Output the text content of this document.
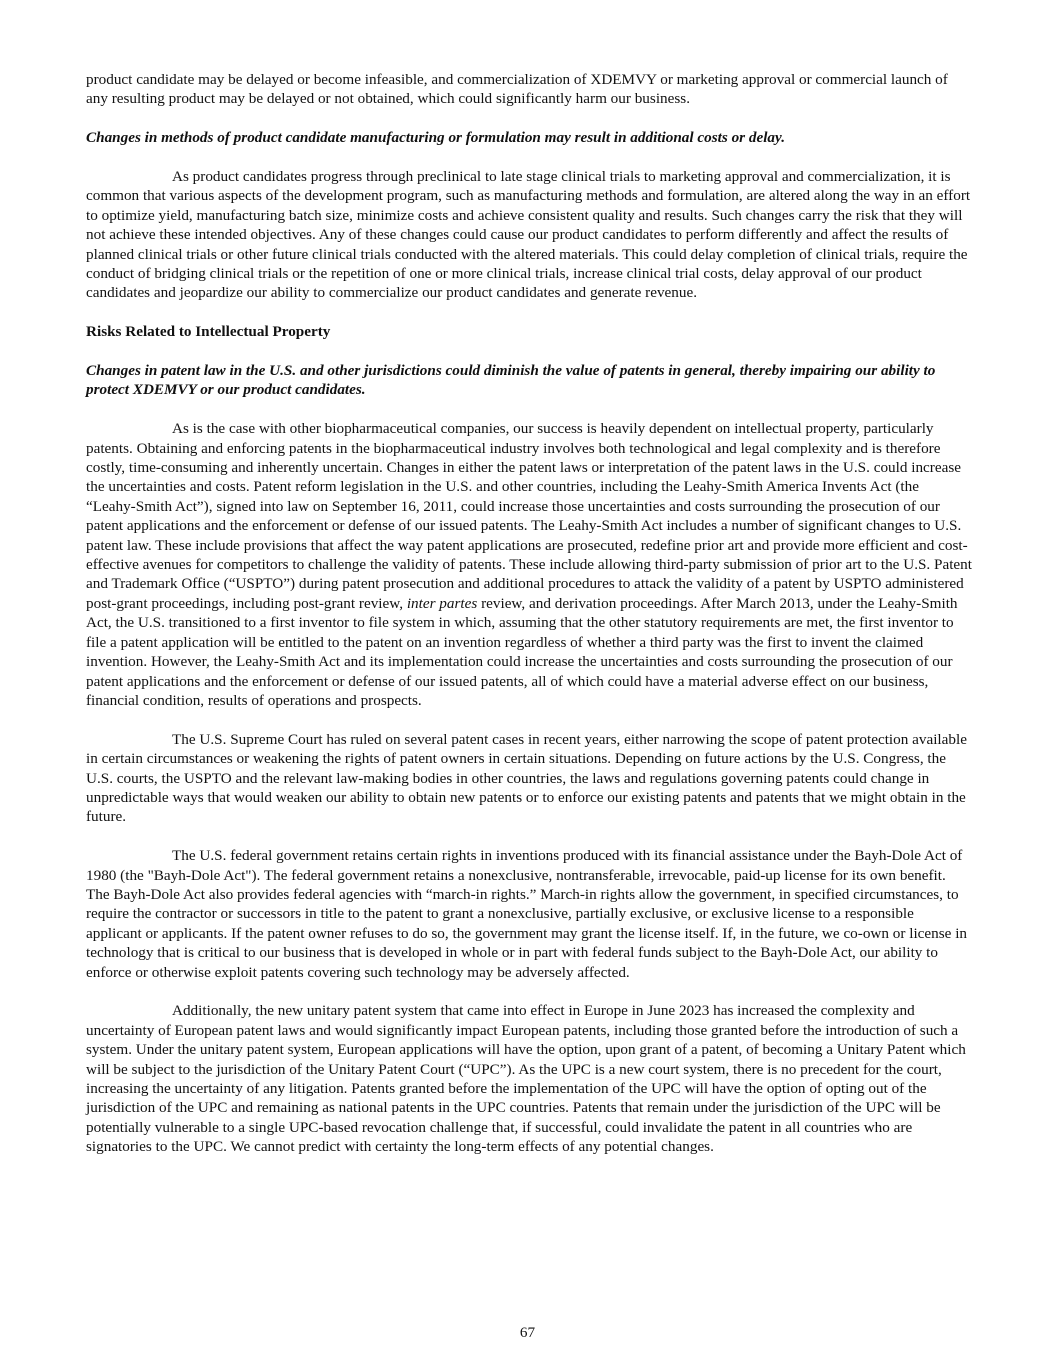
product candidate may be delayed or become infeasible, and commercialization of XDEMVY or marketing approval or commercial launch of any resulting product may be delayed or not obtained, which could significantly harm our business.

Changes in methods of product candidate manufacturing or formulation may result in additional costs or delay.

As product candidates progress through preclinical to late stage clinical trials to marketing approval and commercialization, it is common that various aspects of the development program, such as manufacturing methods and formulation, are altered along the way in an effort to optimize yield, manufacturing batch size, minimize costs and achieve consistent quality and results. Such changes carry the risk that they will not achieve these intended objectives. Any of these changes could cause our product candidates to perform differently and affect the results of planned clinical trials or other future clinical trials conducted with the altered materials. This could delay completion of clinical trials, require the conduct of bridging clinical trials or the repetition of one or more clinical trials, increase clinical trial costs, delay approval of our product candidates and jeopardize our ability to commercialize our product candidates and generate revenue.

Risks Related to Intellectual Property

Changes in patent law in the U.S. and other jurisdictions could diminish the value of patents in general, thereby impairing our ability to protect XDEMVY or our product candidates.

As is the case with other biopharmaceutical companies, our success is heavily dependent on intellectual property, particularly patents. Obtaining and enforcing patents in the biopharmaceutical industry involves both technological and legal complexity and is therefore costly, time-consuming and inherently uncertain. Changes in either the patent laws or interpretation of the patent laws in the U.S. could increase the uncertainties and costs. Patent reform legislation in the U.S. and other countries, including the Leahy-Smith America Invents Act (the “Leahy-Smith Act”), signed into law on September 16, 2011, could increase those uncertainties and costs surrounding the prosecution of our patent applications and the enforcement or defense of our issued patents. The Leahy-Smith Act includes a number of significant changes to U.S. patent law. These include provisions that affect the way patent applications are prosecuted, redefine prior art and provide more efficient and cost-effective avenues for competitors to challenge the validity of patents. These include allowing third-party submission of prior art to the U.S. Patent and Trademark Office (“USPTO”) during patent prosecution and additional procedures to attack the validity of a patent by USPTO administered post-grant proceedings, including post-grant review, inter partes review, and derivation proceedings. After March 2013, under the Leahy-Smith Act, the U.S. transitioned to a first inventor to file system in which, assuming that the other statutory requirements are met, the first inventor to file a patent application will be entitled to the patent on an invention regardless of whether a third party was the first to invent the claimed invention. However, the Leahy-Smith Act and its implementation could increase the uncertainties and costs surrounding the prosecution of our patent applications and the enforcement or defense of our issued patents, all of which could have a material adverse effect on our business, financial condition, results of operations and prospects.

The U.S. Supreme Court has ruled on several patent cases in recent years, either narrowing the scope of patent protection available in certain circumstances or weakening the rights of patent owners in certain situations. Depending on future actions by the U.S. Congress, the U.S. courts, the USPTO and the relevant law-making bodies in other countries, the laws and regulations governing patents could change in unpredictable ways that would weaken our ability to obtain new patents or to enforce our existing patents and patents that we might obtain in the future.

The U.S. federal government retains certain rights in inventions produced with its financial assistance under the Bayh-Dole Act of 1980 (the "Bayh-Dole Act"). The federal government retains a nonexclusive, nontransferable, irrevocable, paid-up license for its own benefit. The Bayh-Dole Act also provides federal agencies with “march-in rights.” March-in rights allow the government, in specified circumstances, to require the contractor or successors in title to the patent to grant a nonexclusive, partially exclusive, or exclusive license to a responsible applicant or applicants. If the patent owner refuses to do so, the government may grant the license itself. If, in the future, we co-own or license in technology that is critical to our business that is developed in whole or in part with federal funds subject to the Bayh-Dole Act, our ability to enforce or otherwise exploit patents covering such technology may be adversely affected.

Additionally, the new unitary patent system that came into effect in Europe in June 2023 has increased the complexity and uncertainty of European patent laws and would significantly impact European patents, including those granted before the introduction of such a system. Under the unitary patent system, European applications will have the option, upon grant of a patent, of becoming a Unitary Patent which will be subject to the jurisdiction of the Unitary Patent Court (“UPC”). As the UPC is a new court system, there is no precedent for the court, increasing the uncertainty of any litigation. Patents granted before the implementation of the UPC will have the option of opting out of the jurisdiction of the UPC and remaining as national patents in the UPC countries. Patents that remain under the jurisdiction of the UPC will be potentially vulnerable to a single UPC-based revocation challenge that, if successful, could invalidate the patent in all countries who are signatories to the UPC. We cannot predict with certainty the long-term effects of any potential changes.

67
